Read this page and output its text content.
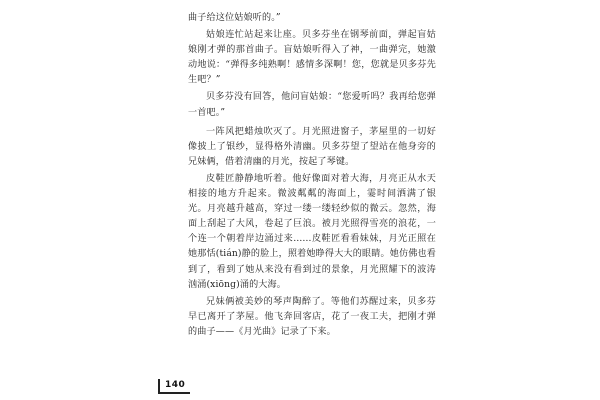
曲子给这位姑娘听的。”

姑娘连忙站起来让座。贝多芬坐在钢琴前面，弹起盲姑娘刚才弹的那首曲子。盲姑娘听得入了神，一曲弹完，她激动地说：“弹得多纯熟啊！感情多深啊！您，您就是贝多芬先生吧？”

贝多芬没有回答，他问盲姑娘：“您爱听吗？我再给您弹一首吧。”

一阵风把蜡烛吹灭了。月光照进窗子，茅屋里的一切好像披上了银纱，显得格外清幽。贝多芬望了望站在他身旁的兄妹俩，借着清幽的月光，按起了琴键。

皮鞋匠静静地听着。他好像面对着大海，月亮正从水天相接的地方升起来。微波粼粼的海面上，霎时间洒满了银光。月亮越升越高，穿过一缕一缕轻纱似的微云。忽然，海面上刮起了大风，卷起了巨浪。被月光照得雪亮的浪花，一个连一个朝着岸边涌过来……皮鞋匠看看妹妹，月光正照在她那恬(tián)静的脸上，照着她睁得大大的眼睛。她仿佛也看到了，看到了她从来没有看到过的景象，月光照耀下的波涛汹涌(xiōng)涌的大海。

兄妹俩被美妙的琴声陶醉了。等他们苏醒过来，贝多芬早已离开了茅屋。他飞奔回客店，花了一夜工夫，把刚才弹的曲子——《月光曲》记录了下来。

140
